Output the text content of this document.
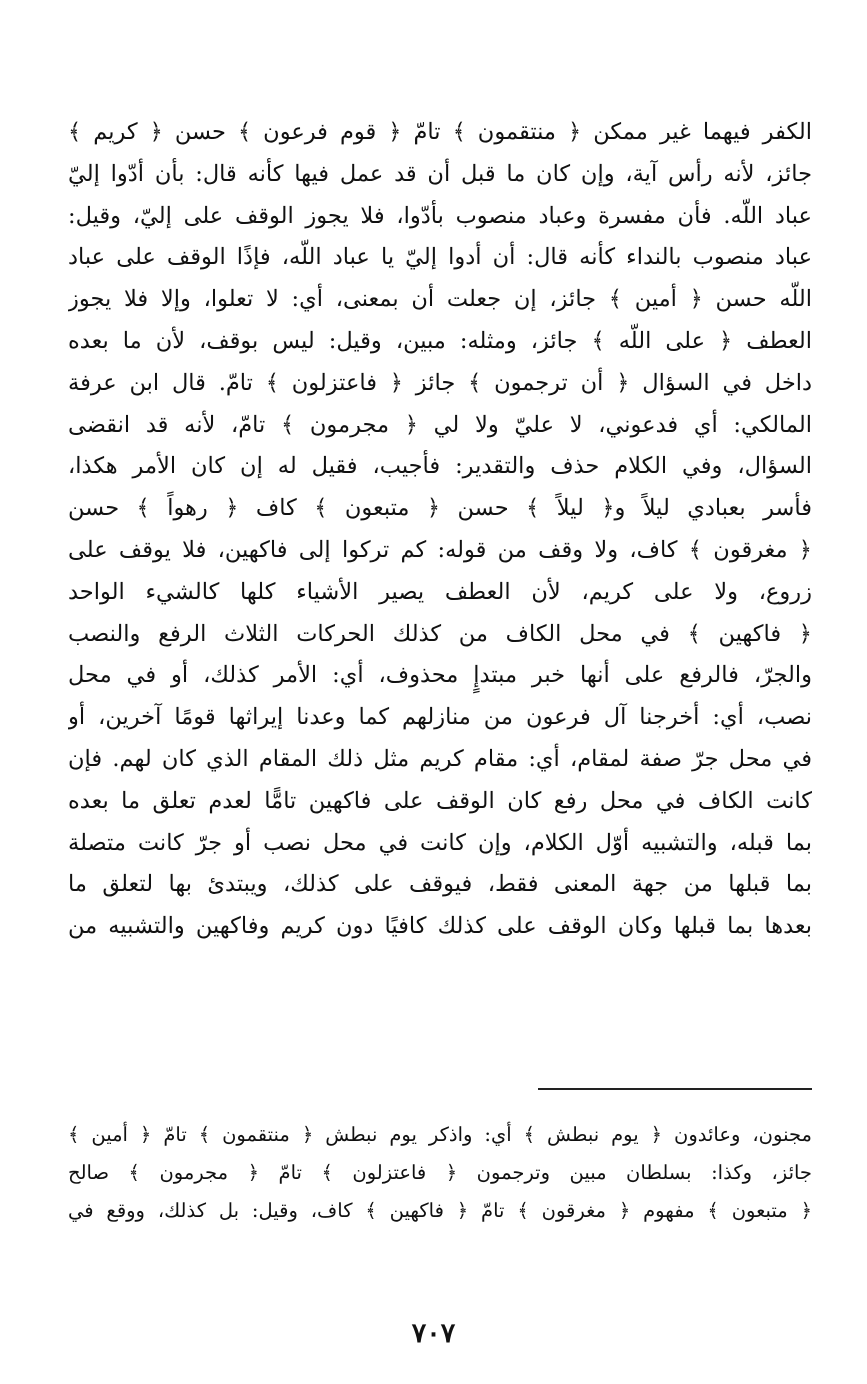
الكفر فيهما غير ممكن ﴿ منتقمون ﴾ تامّ ﴿ قوم فرعون ﴾ حسن ﴿ كريم ﴾
جائز، لأنه رأس آية، وإن كان ما قبل أن قد عمل فيها كأنه قال: بأن أدّوا إليّ
عباد اللّه. فأن مفسرة وعباد منصوب بأدّوا، فلا يجوز الوقف على إليّ، وقيل:
عباد منصوب بالنداء كأنه قال: أن أدوا إليّ يا عباد اللّه، فإذًا الوقف على عباد
اللّه حسن ﴿ أمين ﴾ جائز، إن جعلت أن بمعنى، أي: لا تعلوا، وإلا فلا يجوز
العطف ﴿ على اللّه ﴾ جائز، ومثله: مبين، وقيل: ليس بوقف، لأن ما بعده
داخل في السؤال ﴿ أن ترجمون ﴾ جائز ﴿ فاعتزلون ﴾ تامّ. قال ابن عرفة
المالكي: أي فدعوني، لا عليّ ولا لي ﴿ مجرمون ﴾ تامّ، لأنه قد انقضى
السؤال، وفي الكلام حذف والتقدير: فأجيب، فقيل له إن كان الأمر هكذا،
فأسر بعبادي ليلاً و﴿ ليلاً ﴾ حسن ﴿ متبعون ﴾ كاف ﴿ رهواً ﴾ حسن
﴿ مغرقون ﴾ كاف، ولا وقف من قوله: كم تركوا إلى فاكهين، فلا يوقف على
زروع، ولا على كريم، لأن العطف يصير الأشياء كلها كالشيء الواحد
﴿ فاكهين ﴾ في محل الكاف من كذلك الحركات الثلاث الرفع والنصب
والجرّ، فالرفع على أنها خبر مبتدإٍ محذوف، أي: الأمر كذلك، أو في محل
نصب، أي: أخرجنا آل فرعون من منازلهم كما وعدنا إيراثها قومًا آخرين، أو
في محل جرّ صفة لمقام، أي: مقام كريم مثل ذلك المقام الذي كان لهم. فإن
كانت الكاف في محل رفع كان الوقف على فاكهين تامًّا لعدم تعلق ما بعده
بما قبله، والتشبيه أوّل الكلام، وإن كانت في محل نصب أو جرّ كانت متصلة
بما قبلها من جهة المعنى فقط، فيوقف على كذلك، ويبتدئ بها لتعلق ما
بعدها بما قبلها وكان الوقف على كذلك كافيًا دون كريم وفاكهين والتشبيه من
مجنون، وعائدون ﴿ يوم نبطش ﴾ أي: واذكر يوم نبطش ﴿ منتقمون ﴾ تامّ ﴿ أمين ﴾
جائز، وكذا: بسلطان مبين وترجمون ﴿ فاعتزلون ﴾ تامّ ﴿ مجرمون ﴾ صالح
﴿ متبعون ﴾ مفهوم ﴿ مغرقون ﴾ تامّ ﴿ فاكهين ﴾ كاف، وقيل: بل كذلك، ووقع في
٧٠٧
